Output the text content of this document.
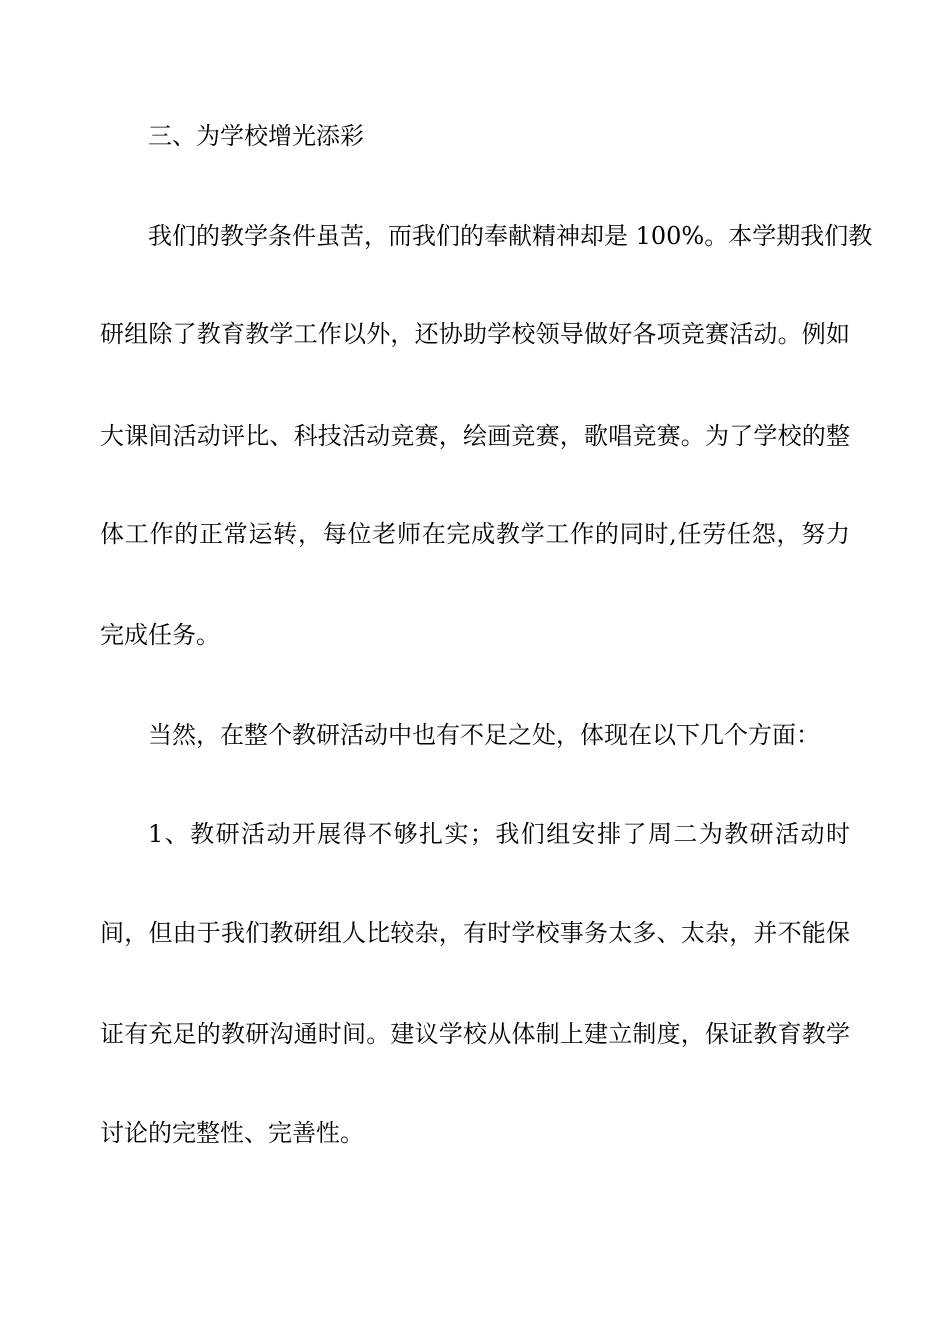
三、为学校增光添彩
我们的教学条件虽苦，而我们的奉献精神却是 100%。本学期我们教
研组除了教育教学工作以外，还协助学校领导做好各项竞赛活动。例如
大课间活动评比、科技活动竞赛，绘画竞赛，歌唱竞赛。为了学校的整
体工作的正常运转，每位老师在完成教学工作的同时,任劳任怨，努力
完成任务。
当然，在整个教研活动中也有不足之处，体现在以下几个方面：
1、教研活动开展得不够扎实；我们组安排了周二为教研活动时
间，但由于我们教研组人比较杂，有时学校事务太多、太杂，并不能保
证有充足的教研沟通时间。建议学校从体制上建立制度，保证教育教学
讨论的完整性、完善性。
